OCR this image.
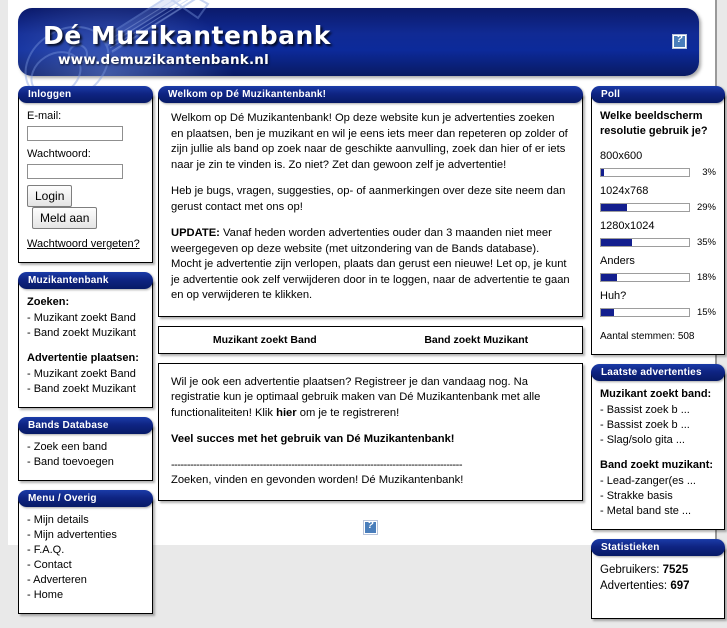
Dé Muzikantenbank
www.demuzikantenbank.nl
?
Inloggen
E-mail:
Wachtwoord:
Login Meld aan
Wachtwoord vergeten?
Muzikantenbank
Zoeken:
- Muzikant zoekt Band
- Band zoekt Muzikant
Advertentie plaatsen:
- Muzikant zoekt Band
- Band zoekt Muzikant
Bands Database
- Zoek een band
- Band toevoegen
Menu / Overig
- Mijn details
- Mijn advertenties
- F.A.Q.
- Contact
- Adverteren
- Home
Welkom op Dé Muzikantenbank!

Welkom op Dé Muzikantenbank! Op deze website kun je advertenties zoeken en plaatsen, ben je muzikant en wil je eens iets meer dan repeteren op zolder of zijn jullie als band op zoek naar de geschikte aanvulling, zoek dan hier of er iets naar je zin te vinden is. Zo niet? Zet dan gewoon zelf je advertentie!

Heb je bugs, vragen, suggesties, op- of aanmerkingen over deze site neem dan gerust contact met ons op!

UPDATE: Vanaf heden worden advertenties ouder dan 3 maanden niet meer weergegeven op deze website (met uitzondering van de Bands database). Mocht je advertentie zijn verlopen, plaats dan gerust een nieuwe! Let op, je kunt je advertentie ook zelf verwijderen door in te loggen, naar de advertentie te gaan en op verwijderen te klikken.

Muzikant zoekt Band	Band zoekt Muzikant

Wil je ook een advertentie plaatsen? Registreer je dan vandaag nog. Na registratie kun je optimaal gebruik maken van Dé Muzikantenbank met alle functionaliteiten! Klik hier om je te registreren!

Veel succes met het gebruik van Dé Muzikantenbank!

--------------------------------------------------------------------------------------------

Zoeken, vinden en gevonden worden! Dé Muzikantenbank!

?
Poll
Welke beeldscherm resolutie gebruik je?
800x600
3%
1024x768
29%
1280x1024
35%
Anders
18%
Huh?
15%
Aantal stemmen: 508
Laatste advertenties
Muzikant zoekt band:
- Bassist zoek b ...
- Bassist zoek b ...
- Slag/solo gita ...
Band zoekt muzikant:
- Lead-zanger(es ...
- Strakke basis
- Metal band ste ...
Statistieken
Gebruikers: 7525
Advertenties: 697
